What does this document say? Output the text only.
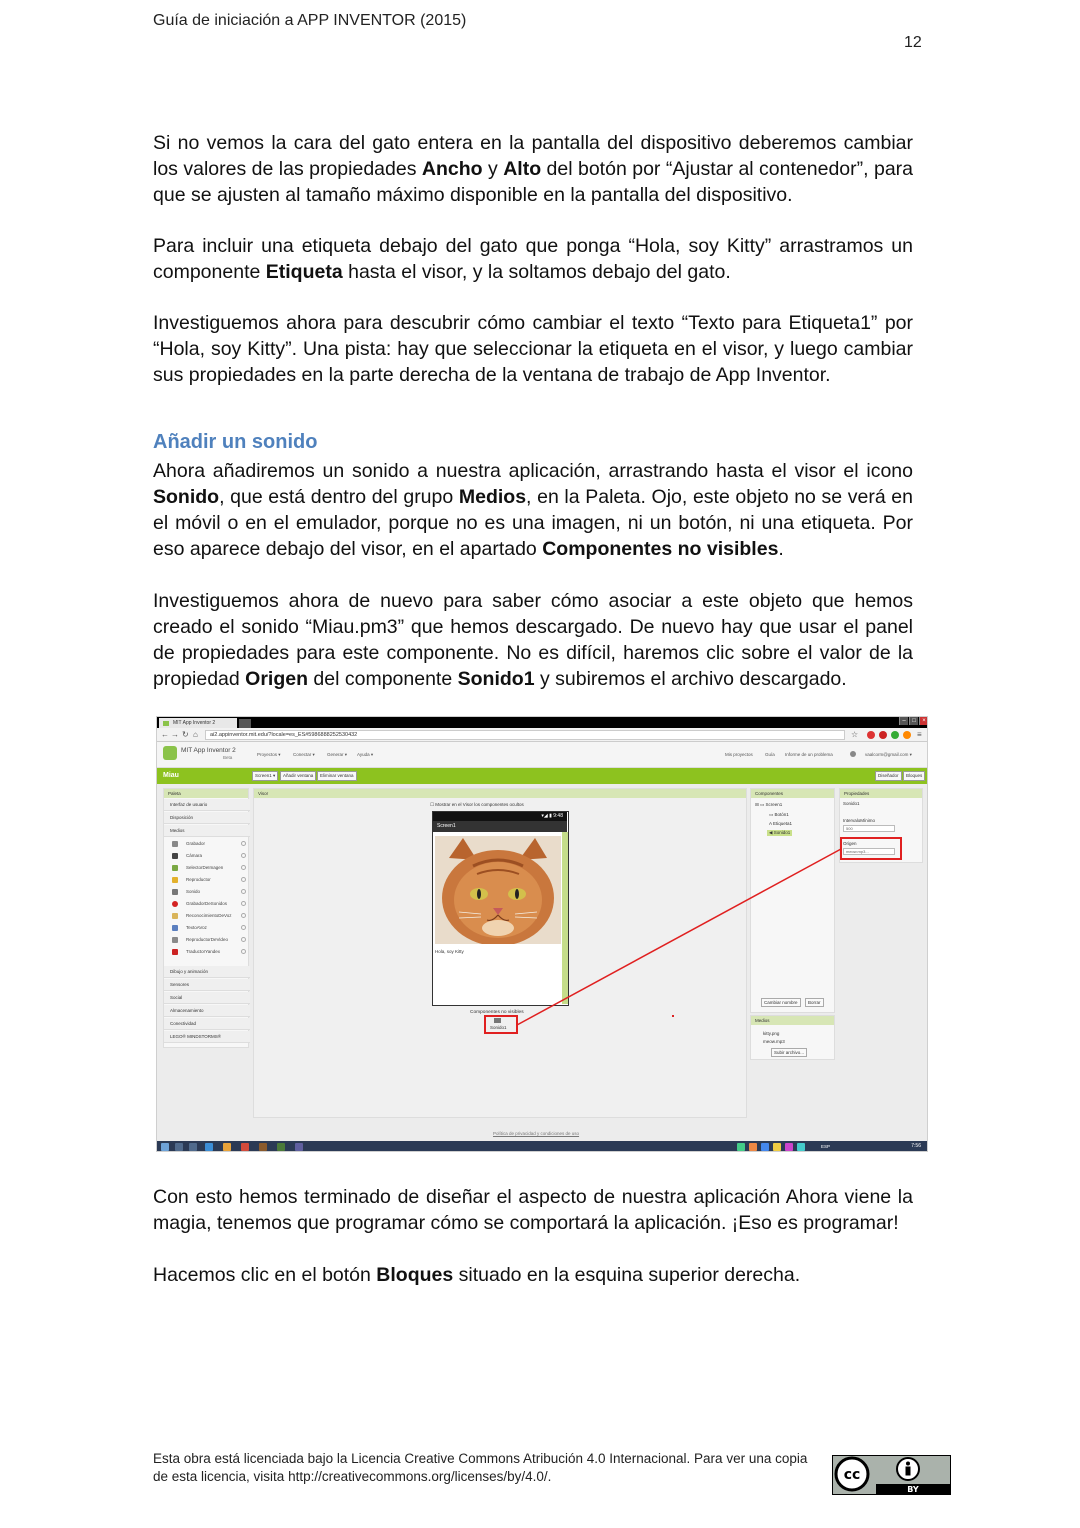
Guía de iniciación a APP INVENTOR (2015)
12

Si no vemos la cara del gato entera en la pantalla del dispositivo deberemos cambiar los valores de las propiedades Ancho y Alto del botón por “Ajustar al contenedor”, para que se ajusten al tamaño máximo disponible en la pantalla del dispositivo.

Para incluir una etiqueta debajo del gato que ponga “Hola, soy Kitty” arrastramos un componente Etiqueta hasta el visor, y la soltamos debajo del gato.

Investiguemos ahora para descubrir cómo cambiar el texto “Texto para Etiqueta1” por “Hola, soy Kitty”. Una pista: hay que seleccionar la etiqueta en el visor, y luego cambiar sus propiedades en la parte derecha de la ventana de trabajo de App Inventor.

Añadir un sonido

Ahora añadiremos un sonido a nuestra aplicación, arrastrando hasta el visor el icono Sonido, que está dentro del grupo Medios, en la Paleta. Ojo, este objeto no se verá en el móvil o en el emulador, porque no es una imagen, ni un botón, ni una etiqueta. Por eso aparece debajo del visor, en el apartado Componentes no visibles.

Investiguemos ahora de nuevo para saber cómo asociar a este objeto que hemos creado el sonido “Miau.pm3” que hemos descargado. De nuevo hay que usar el panel de propiedades para este componente. No es difícil, haremos clic sobre el valor de la propiedad Origen del componente Sonido1 y subiremos el archivo descargado.

MIT App Inventor 2	–	□	×
← → ↻ ⌂	ai2.appinventor.mit.edu/?locale=es_ES#5986888252530432	☆	≡
MIT App Inventor 2
Beta
Proyectos ▾	Conectar ▾	Generar ▾ Ayuda ▾	Mis proyectos	Guía Informe de un problema	vaalcorm@gmail.com ▾
Miau	Screen1 ▾	Añadir ventana	Eliminar ventana	Diseñador	Bloques
Paleta
Interfaz de usuario
Disposición
Medios
Grabador
Cámara
SelectorDeImagen
Reproductor
Sonido
GrabadorDeSonidos
ReconocimientoDeVoz
TextoAVoz
ReproductorDeVideo
TraductorYandex
Dibujo y animación
Sensores
Social
Almacenamiento
Conectividad
LEGO® MINDSTORMS®
Visor
☐ Mostrar en el Visor los componentes ocultos
▾◢ ▮ 9:48
Screen1
Hola, soy Kitty
Componentes no visibles
Sonido1
Componentes
⊟ ▭ Screen1
▭ Botón1
A Etiqueta1
◀ Sonido1
Cambiar nombre	Borrar
Medios
kitty.png
meow.mp3
Subir archivo...
Propiedades
Sonido1
IntervaloMínimo
500
Origen
meow.mp3...
Política de privacidad y condiciones de uso
ESP	7:56

Con esto hemos terminado de diseñar el aspecto de nuestra aplicación Ahora viene la magia, tenemos que programar cómo se comportará la aplicación. ¡Eso es programar!

Hacemos clic en el botón Bloques situado en la esquina superior derecha.

Esta obra está licenciada bajo la Licencia Creative Commons Atribución 4.0 Internacional. Para ver una copia de esta licencia, visita http://creativecommons.org/licenses/by/4.0/.	cc
BY
